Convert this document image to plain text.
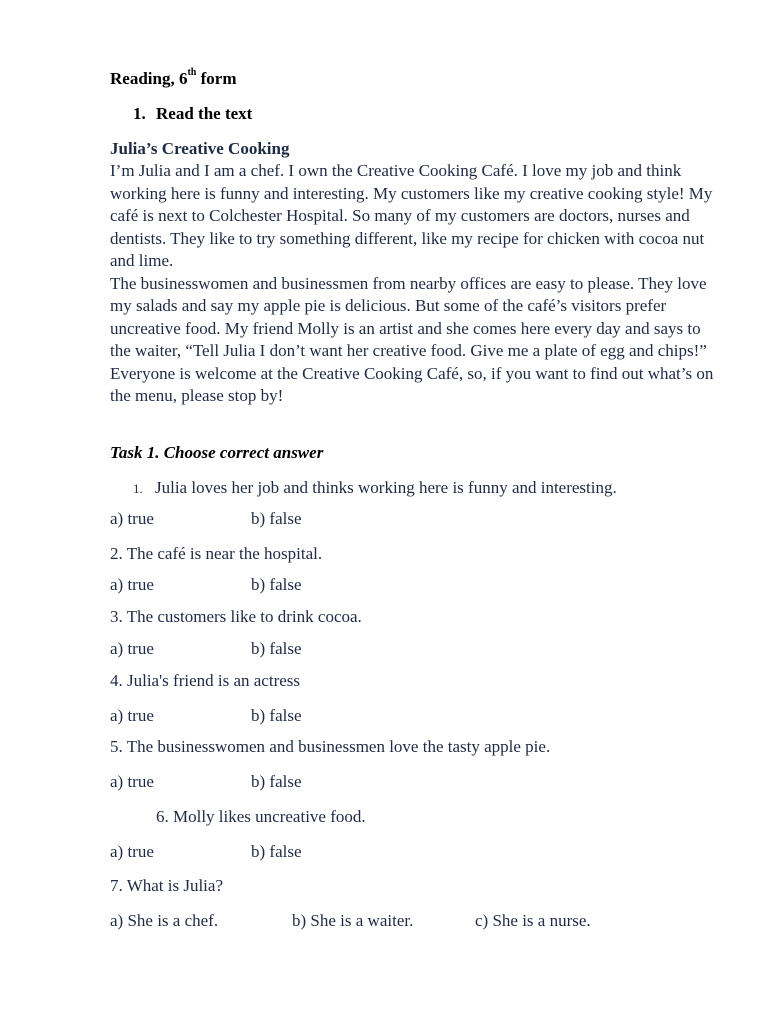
Reading, 6th form
1. Read the text
Julia’s Creative Cooking

I’m Julia and I am a chef. I own the Creative Cooking Café. I love my job and think working here is funny and interesting. My customers like my creative cooking style! My café is next to Colchester Hospital. So many of my customers are doctors, nurses and dentists. They like to try something different, like my recipe for chicken with cocoa nut and lime.

The businesswomen and businessmen from nearby offices are easy to please. They love my salads and say my apple pie is delicious. But some of the café’s visitors prefer uncreative food. My friend Molly is an artist and she comes here every day and says to the waiter, “Tell Julia I don’t want her creative food. Give me a plate of egg and chips!” Everyone is welcome at the Creative Cooking Café, so, if you want to find out what’s on the menu, please stop by!

Task 1. Choose correct answer
1. Julia loves her job and thinks working here is funny and interesting.
a) true	b) false
2. The café is near the hospital.
a) true	b) false
3. The customers like to drink cocoa.
a) true	b) false
4. Julia's friend is an actress
a) true	b) false
5. The businesswomen and businessmen love the tasty apple pie.
a) true	b) false
6. Molly likes uncreative food.
a) true	b) false
7. What is Julia?
a) She is a chef.	b) She is a waiter.	c) She is a nurse.
